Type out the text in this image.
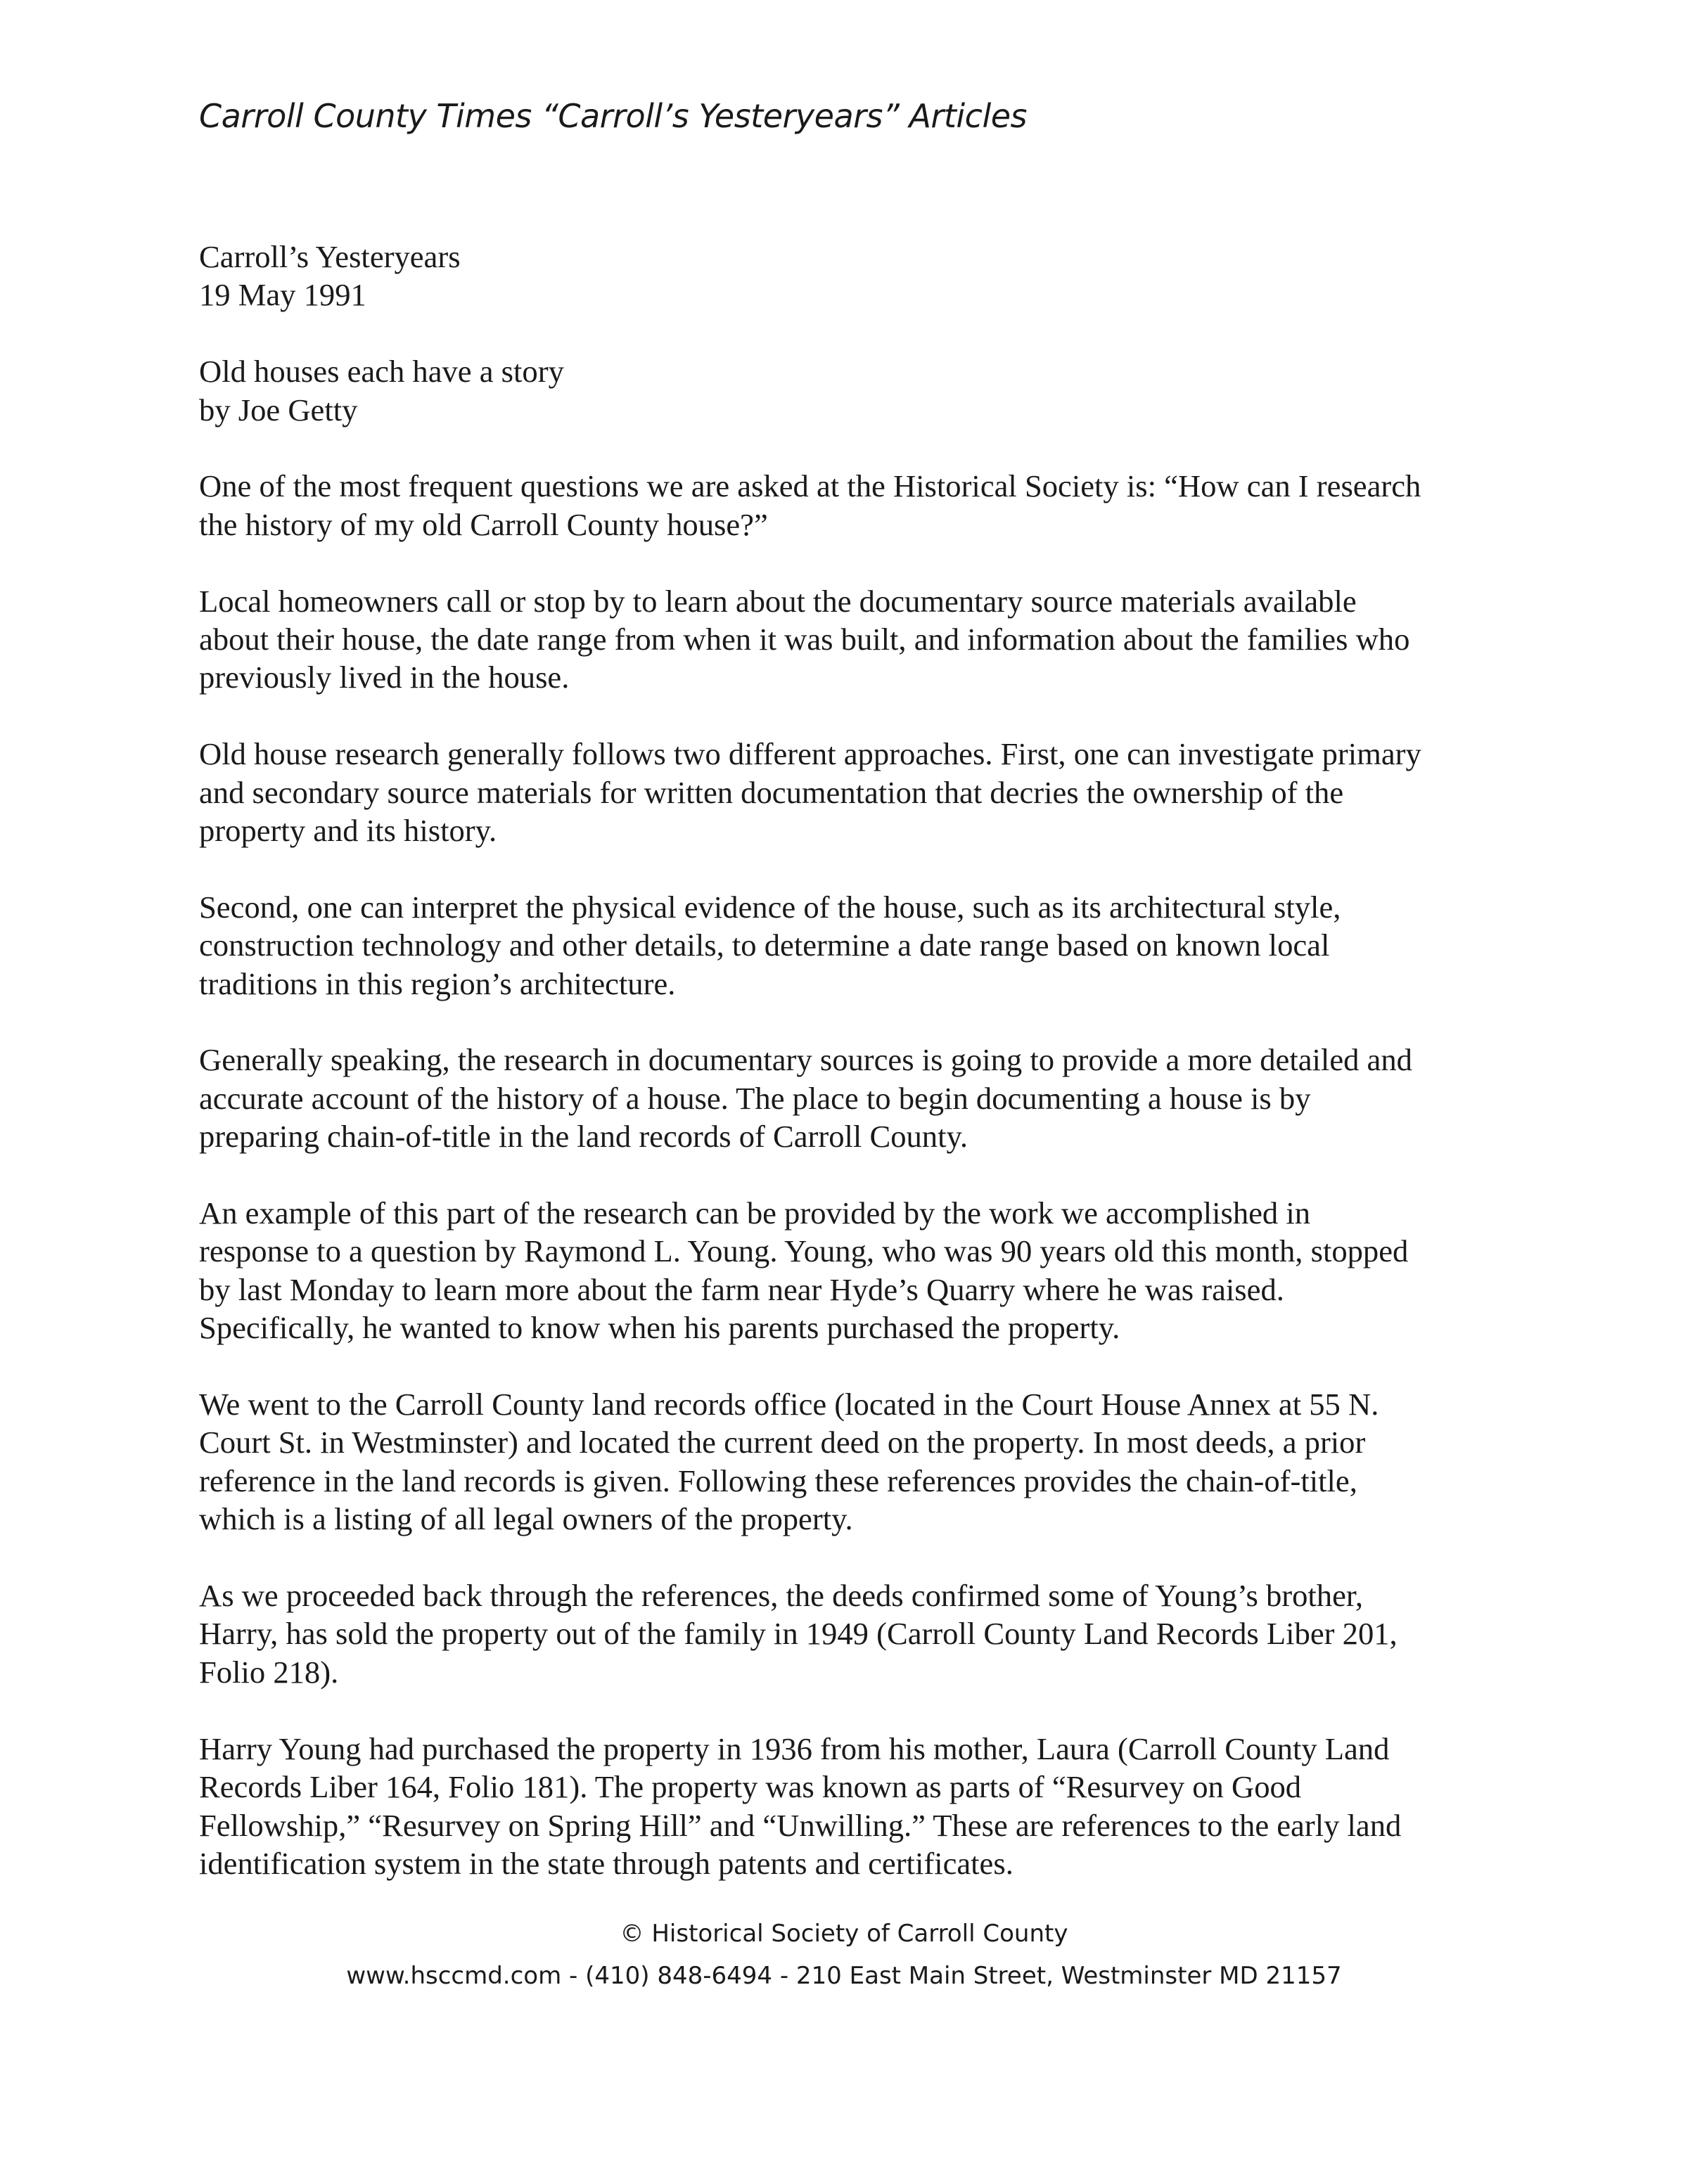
Carroll County Times “Carroll’s Yesteryears” Articles

Carroll’s Yesteryears
19 May 1991

Old houses each have a story
by Joe Getty

One of the most frequent questions we are asked at the Historical Society is: “How can I research
the history of my old Carroll County house?”

Local homeowners call or stop by to learn about the documentary source materials available
about their house, the date range from when it was built, and information about the families who
previously lived in the house.

Old house research generally follows two different approaches. First, one can investigate primary
and secondary source materials for written documentation that decries the ownership of the
property and its history.

Second, one can interpret the physical evidence of the house, such as its architectural style,
construction technology and other details, to determine a date range based on known local
traditions in this region’s architecture.

Generally speaking, the research in documentary sources is going to provide a more detailed and
accurate account of the history of a house. The place to begin documenting a house is by
preparing chain-of-title in the land records of Carroll County.

An example of this part of the research can be provided by the work we accomplished in
response to a question by Raymond L. Young. Young, who was 90 years old this month, stopped
by last Monday to learn more about the farm near Hyde’s Quarry where he was raised.
Specifically, he wanted to know when his parents purchased the property.

We went to the Carroll County land records office (located in the Court House Annex at 55 N.
Court St. in Westminster) and located the current deed on the property. In most deeds, a prior
reference in the land records is given. Following these references provides the chain-of-title,
which is a listing of all legal owners of the property.

As we proceeded back through the references, the deeds confirmed some of Young’s brother,
Harry, has sold the property out of the family in 1949 (Carroll County Land Records Liber 201,
Folio 218).

Harry Young had purchased the property in 1936 from his mother, Laura (Carroll County Land
Records Liber 164, Folio 181). The property was known as parts of “Resurvey on Good
Fellowship,” “Resurvey on Spring Hill” and “Unwilling.” These are references to the early land
identification system in the state through patents and certificates.

© Historical Society of Carroll County
www.hsccmd.com - (410) 848-6494 - 210 East Main Street, Westminster MD 21157
